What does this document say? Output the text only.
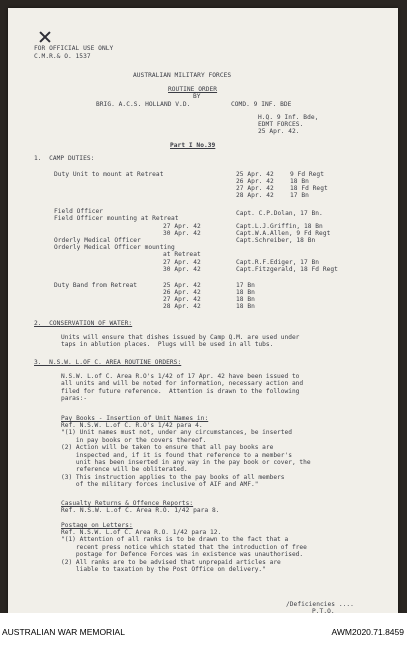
FOR OFFICIAL USE ONLY
C.M.R.& O. 1537
AUSTRALIAN MILITARY FORCES
ROUTINE ORDER
BY
BRIG. A.C.S. HOLLAND V.D.	COMD. 9 INF. BDE
H.Q. 9 Inf. Bde,
EDMT FORCES.
25 Apr. 42.
Part I No.39
1.  CAMP DUTIES:
Duty Unit to mount at Retreat	25 Apr. 42	9 Fd Regt
26 Apr. 42	18 Bn
27 Apr. 42	18 Fd Regt
28 Apr. 42	17 Bn
Field Officer	Capt. C.P.Dolan, 17 Bn.
Field Officer mounting at Retreat
27 Apr. 42	Capt.L.J.Griffin, 18 Bn
30 Apr. 42	Capt.W.A.Allen, 9 Fd Regt
Orderly Medical Officer	Capt.Schreiber, 18 Bn
Orderly Medical Officer mounting
at Retreat
27 Apr. 42	Capt.R.F.Ediger, 17 Bn
30 Apr. 42	Capt.Fitzgerald, 18 Fd Regt
Duty Band from Retreat	25 Apr. 42	17 Bn
26 Apr. 42	18 Bn
27 Apr. 42	18 Bn
28 Apr. 42	18 Bn
2.  CONSERVATION OF WATER:
Units will ensure that dishes issued by Camp Q.M. are used under
taps in ablution places.  Plugs will be used in all tubs.
3.  N.S.W. L.OF C. AREA ROUTINE ORDERS:
N.S.W. L.of C. Area R.O's 1/42 of 17 Apr. 42 have been issued to
all units and will be noted for information, necessary action and
filed for future reference.  Attention is drawn to the following
paras:-
Pay Books - Insertion of Unit Names in:
Ref. N.S.W. L.of C. R.O's 1/42 para 4.
"(1) Unit names must not, under any circumstances, be inserted
in pay books or the covers thereof.
(2) Action will be taken to ensure that all pay books are
inspected and, if it is found that reference to a member's
unit has been inserted in any way in the pay book or cover, the
reference will be obliterated.
(3) This instruction applies to the pay books of all members
of the military forces inclusive of AIF and AMF."
Casualty Returns & Offence Reports:
Ref. N.S.W. L.of C. Area R.O. 1/42 para 8.
Postage on Letters:
Ref. N.S.W. L.of C. Area R.O. 1/42 para 12.
"(1) Attention of all ranks is to be drawn to the fact that a
recent press notice which stated that the introduction of free
postage for Defence Forces was in existence was unauthorised.
(2) All ranks are to be advised that unprepaid articles are
liable to taxation by the Post Office on delivery."
/Deficiencies ....
P.T.O.
AUSTRALIAN WAR MEMORIAL	AWM2020.71.8459
